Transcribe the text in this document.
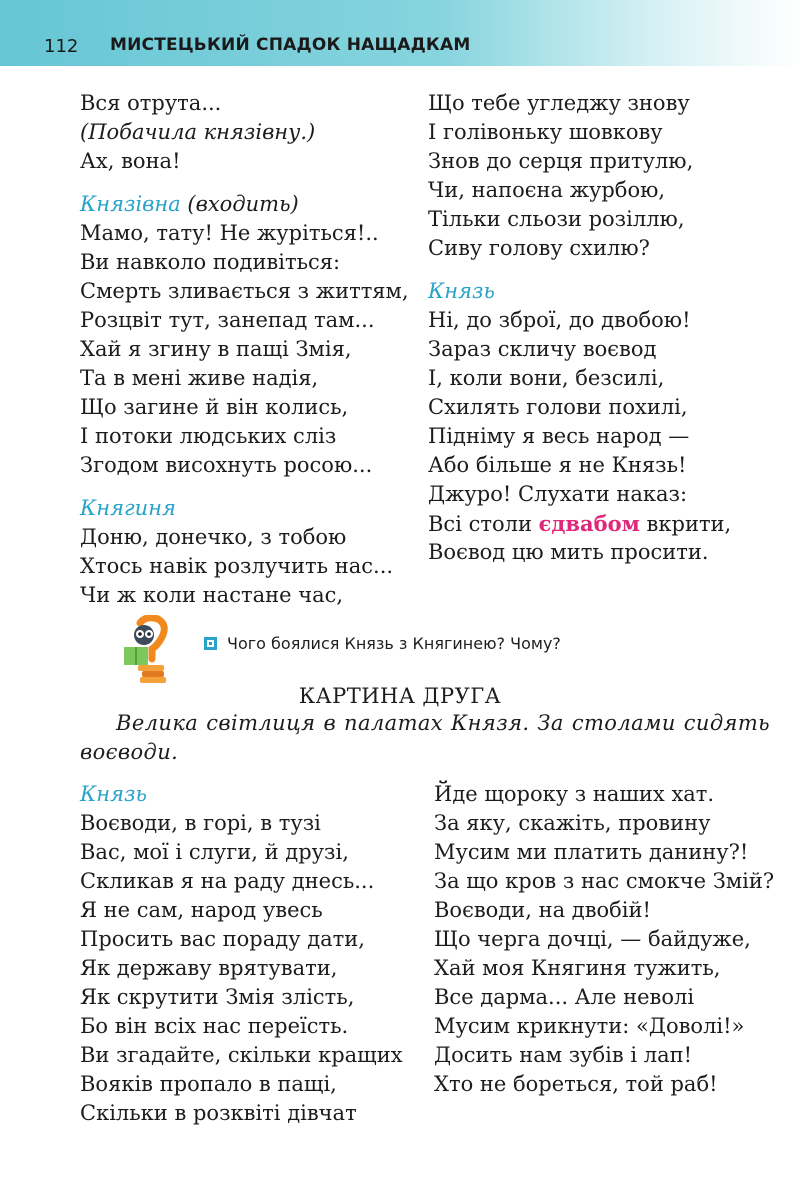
112 МИСТЕЦЬКИЙ СПАДОК НАЩАДКАМ
Вся отрута...
(Побачила князівну.)
Ах, вона!
Князівна (входить)
Мамо, тату! Не журіться!..
Ви навколо подивіться:
Смерть зливається з життям,
Розцвіт тут, занепад там...
Хай я згину в пащі Змія,
Та в мені живе надія,
Що загине й він колись,
І потоки людських сліз
Згодом висохнуть росою...
Княгиня
Доню, донечко, з тобою
Хтось навік розлучить нас...
Чи ж коли настане час,
Що тебе угледжу знову
І голівоньку шовкову
Знов до серця притулю,
Чи, напоєна журбою,
Тільки сльози розіллю,
Сиву голову схилю?
Князь
Ні, до зброї, до двобою!
Зараз скличу воєвод
І, коли вони, безсилі,
Схилять голови похилі,
Підніму я весь народ —
Або більше я не Князь!
Джуро! Слухати наказ:
Всі столи єдвабом вкрити,
Воєвод цю мить просити.
Чого боялися Князь з Княгинею? Чому?
КАРТИНА ДРУГА
Велика світлиця в палатах Князя. За столами сидять воєводи.
Князь
Воєводи, в горі, в тузі
Вас, мої і слуги, й друзі,
Скликав я на раду днесь...
Я не сам, народ увесь
Просить вас пораду дати,
Як державу врятувати,
Як скрутити Змія злість,
Бо він всіх нас переїсть.
Ви згадайте, скільки кращих
Вояків пропало в пащі,
Скільки в розквіті дівчат
Йде щороку з наших хат.
За яку, скажіть, провину
Мусим ми платить данину?!
За що кров з нас смокче Змій?
Воєводи, на двобій!
Що черга дочці, — байдуже,
Хай моя Княгиня тужить,
Все дарма... Але неволі
Мусим крикнути: «Доволі!»
Досить нам зубів і лап!
Хто не бореться, той раб!
